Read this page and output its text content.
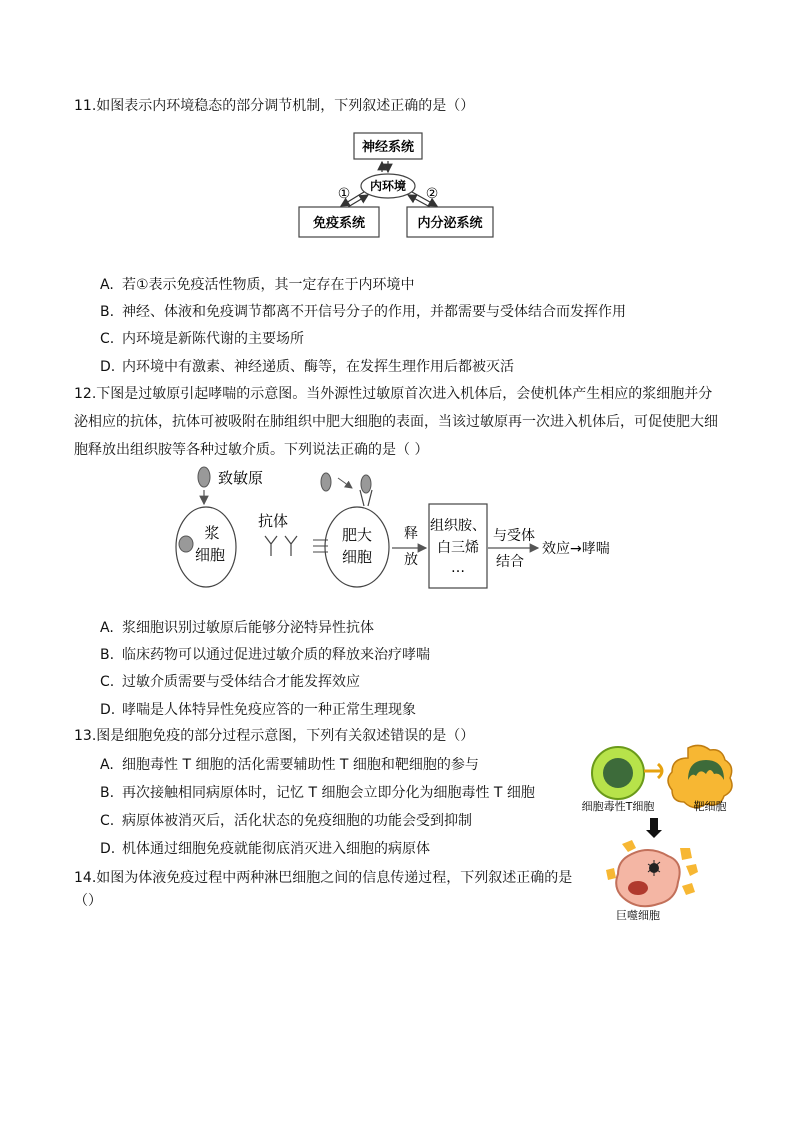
11.如图表示内环境稳态的部分调节机制，下列叙述正确的是（）
神经系统
内环境
免疫系统	内分泌系统
①	②
A. 若①表示免疫活性物质，其一定存在于内环境中
B. 神经、体液和免疫调节都离不开信号分子的作用，并都需要与受体结合而发挥作用
C. 内环境是新陈代谢的主要场所
D. 内环境中有激素、神经递质、酶等，在发挥生理作用后都被灭活
12.下图是过敏原引起哮喘的示意图。当外源性过敏原首次进入机体后，会使机体产生相应的浆细胞并分泌相应的抗体，抗体可被吸附在肺组织中肥大细胞的表面，当该过敏原再一次进入机体后，可促使肥大细胞释放出组织胺等各种过敏介质。下列说法正确的是（ ）
致敏原
浆
细胞
抗体
肥大
细胞
释
放
组织胺、
白三烯
…
与受体
结合
效应→哮喘
A. 浆细胞识别过敏原后能够分泌特异性抗体
B. 临床药物可以通过促进过敏介质的释放来治疗哮喘
C. 过敏介质需要与受体结合才能发挥效应
D. 哮喘是人体特异性免疫应答的一种正常生理现象
13.图是细胞免疫的部分过程示意图，下列有关叙述错误的是（）
A. 细胞毒性 T 细胞的活化需要辅助性 T 细胞和靶细胞的参与
B. 再次接触相同病原体时，记忆 T 细胞会立即分化为细胞毒性 T 细胞
C. 病原体被消灭后，活化状态的免疫细胞的功能会受到抑制
D. 机体通过细胞免疫就能彻底消灭进入细胞的病原体
细胞毒性T细胞	靶细胞
巨噬细胞
14.如图为体液免疫过程中两种淋巴细胞之间的信息传递过程，下列叙述正确的是
（）
